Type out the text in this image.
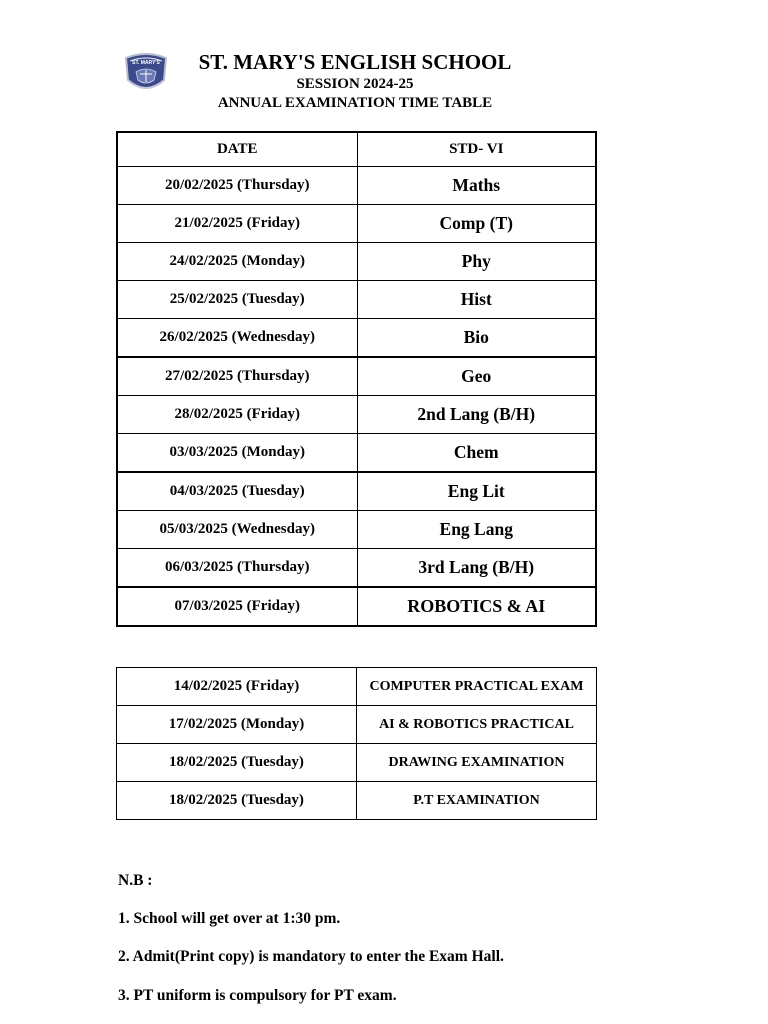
ST. MARY'S	ST. MARY'S ENGLISH SCHOOL
SESSION 2024-25
ANNUAL EXAMINATION TIME TABLE
DATE	STD- VI
20/02/2025 (Thursday)	Maths
21/02/2025 (Friday)	Comp (T)
24/02/2025 (Monday)	Phy
25/02/2025 (Tuesday)	Hist
26/02/2025 (Wednesday)	Bio
27/02/2025 (Thursday)	Geo
28/02/2025 (Friday)	2nd Lang (B/H)
03/03/2025 (Monday)	Chem
04/03/2025 (Tuesday)	Eng Lit
05/03/2025 (Wednesday)	Eng Lang
06/03/2025 (Thursday)	3rd Lang (B/H)
07/03/2025 (Friday)	ROBOTICS & AI
14/02/2025 (Friday)	COMPUTER PRACTICAL EXAM
17/02/2025 (Monday)	AI & ROBOTICS PRACTICAL
18/02/2025 (Tuesday)	DRAWING EXAMINATION
18/02/2025 (Tuesday)	P.T EXAMINATION
N.B :
1. School will get over at 1:30 pm.
2. Admit(Print copy) is mandatory to enter the Exam Hall.
3. PT uniform is compulsory for PT exam.
